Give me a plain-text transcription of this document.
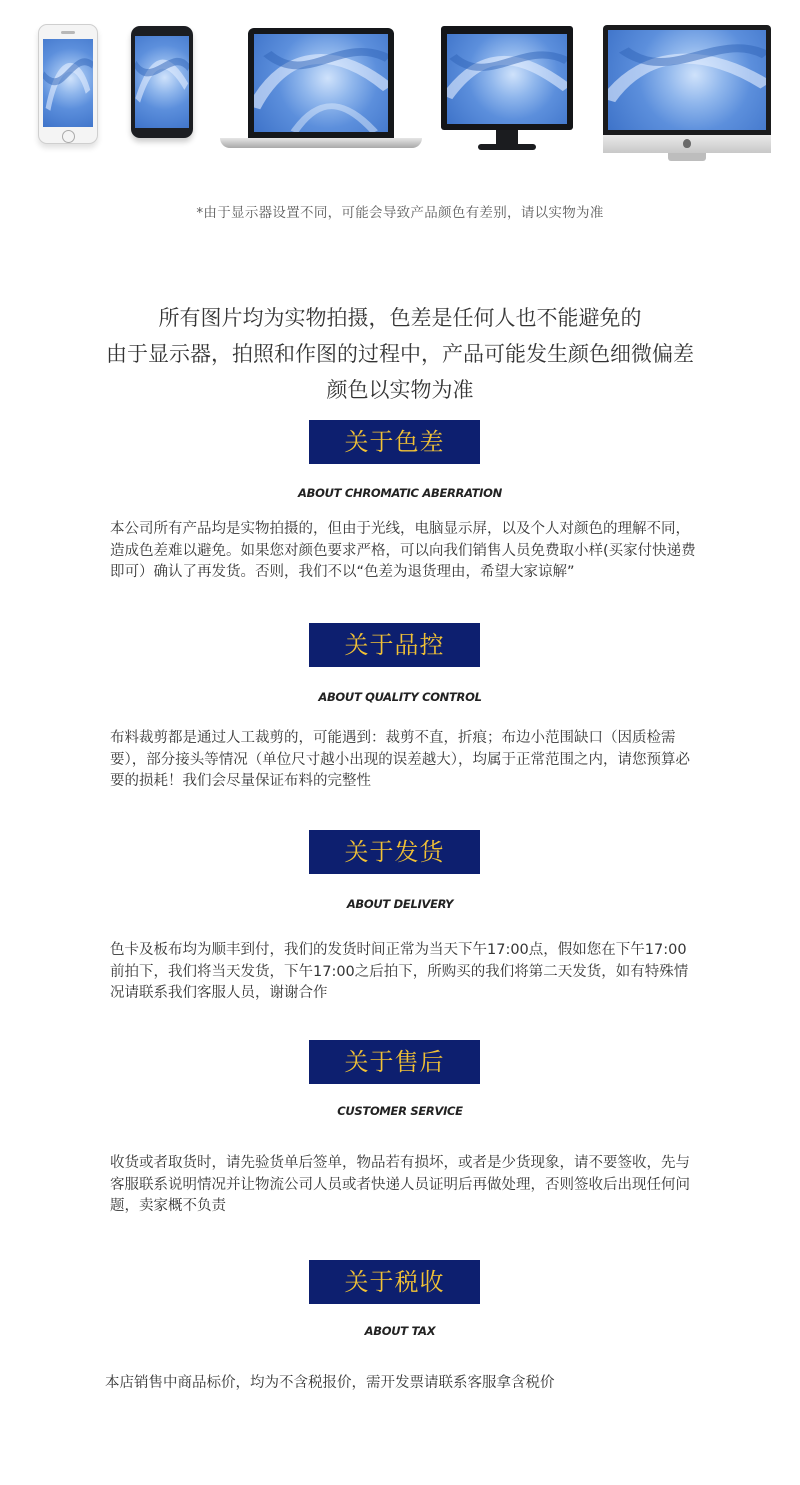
*由于显示器设置不同，可能会导致产品颜色有差别，请以实物为准
所有图片均为实物拍摄，色差是任何人也不能避免的
由于显示器，拍照和作图的过程中，产品可能发生颜色细微偏差
颜色以实物为准
关于色差
ABOUT CHROMATIC ABERRATION
本公司所有产品均是实物拍摄的，但由于光线，电脑显示屏，以及个人对颜色的理解不同，造成色差难以避免。如果您对颜色要求严格，可以向我们销售人员免费取小样(买家付快递费即可）确认了再发货。否则，我们不以“色差为退货理由，希望大家谅解”
关于品控
ABOUT QUALITY CONTROL
布料裁剪都是通过人工裁剪的，可能遇到：裁剪不直，折痕；布边小范围缺口（因质检需要），部分接头等情况（单位尺寸越小出现的误差越大），均属于正常范围之内，请您预算必要的损耗！我们会尽量保证布料的完整性
关于发货
ABOUT DELIVERY
色卡及板布均为顺丰到付，我们的发货时间正常为当天下午17:00点，假如您在下午17:00前拍下，我们将当天发货，下午17:00之后拍下，所购买的我们将第二天发货，如有特殊情况请联系我们客服人员，谢谢合作
关于售后
CUSTOMER SERVICE
收货或者取货时，请先验货单后签单，物品若有损坏，或者是少货现象，请不要签收，先与客服联系说明情况并让物流公司人员或者快递人员证明后再做处理，否则签收后出现任何问题，卖家概不负责
关于税收
ABOUT TAX
本店销售中商品标价，均为不含税报价，需开发票请联系客服拿含税价
